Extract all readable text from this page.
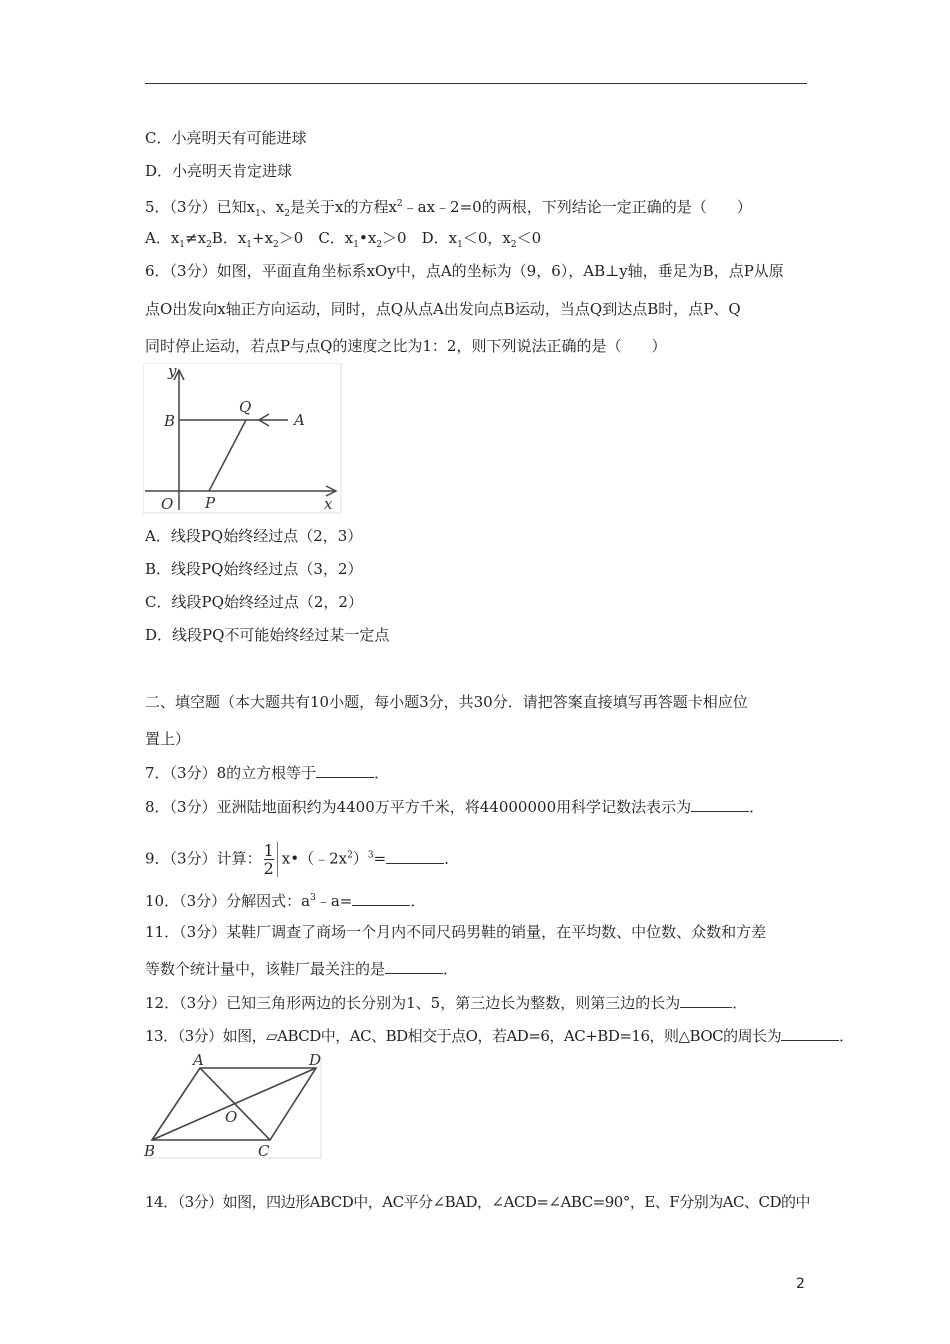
C．小亮明天有可能进球
D．小亮明天肯定进球
5．（3分）已知$x_1$、$x_2$是关于x的方程$x^2﹣ax﹣2=0$的两根，下列结论一定正确的是（　　）
A．$x_1\ne x_2B$．$x_1+x_2>0$　C．$x_1•x_2>0$　D．$x_1<0$，$x_2<0$
6．（3分）如图，平面直角坐标系xOy中，点A的坐标为（9，6），AB⊥y轴，垂足为B，点P从原
点O出发向x轴正方向运动，同时，点Q从点A出发向点B运动，当点Q到达点B时，点P、Q
同时停止运动，若点P与点Q的速度之比为1：2，则下列说法正确的是（　　）
y
B
Q
A
O P	x
A．线段PQ始终经过点（2，3）
B．线段PQ始终经过点（3，2）
C．线段PQ始终经过点（2，2）
D．线段PQ不可能始终经过某一定点
二、填空题（本大题共有10小题，每小题3分，共30分．请把答案直接填写再答题卡相应位
置上）
7．（3分）8的立方根等于	．
8．（3分）亚洲陆地面积约为4400万平方千米，将44000000用科学记数法表示为	．
9．（3分）计算： $\frac{1}{2}$ $x•(﹣2x^2)^3=$	．
10．（3分）分解因式：$a^3﹣a=$	．
11．（3分）某鞋厂调查了商场一个月内不同尺码男鞋的销量，在平均数、中位数、众数和方差
等数个统计量中，该鞋厂最关注的是	．
12．（3分）已知三角形两边的长分别为1、5，第三边长为整数，则第三边的长为	．
13．（3分）如图，▱ABCD中，AC、BD相交于点O，若AD=6，AC+BD=16，则△BOC的周长为	．
A	D
O
B	C
14．（3分）如图，四边形ABCD中，AC平分∠BAD，∠ACD=∠ABC=90°，E、F分别为AC、CD的中
2
